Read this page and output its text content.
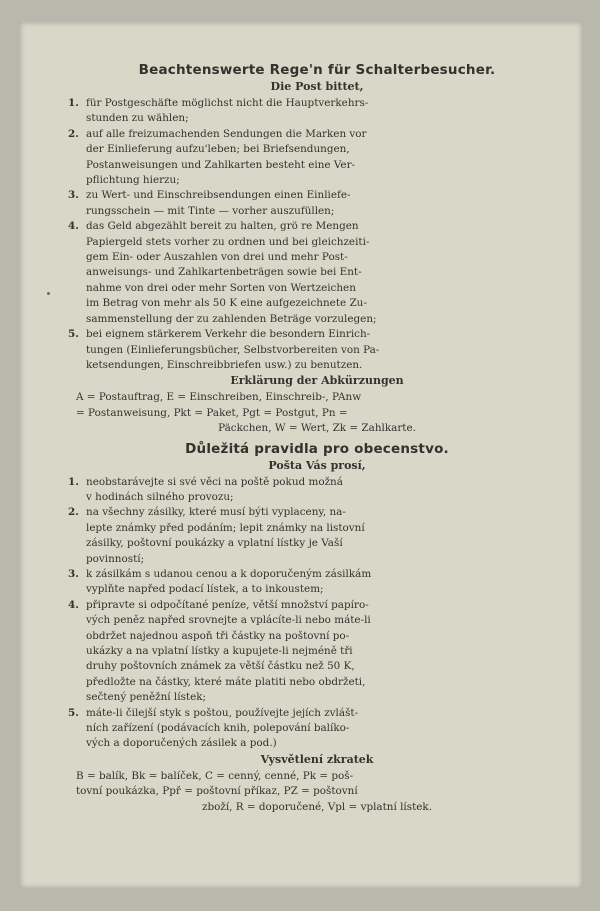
Beachtenswerte Rege'n für Schalterbesucher.
Die Post bittet,
1. für Postgeschäfte möglichst nicht die Hauptverkehrs-
stunden zu wählen;
2. auf alle freizumachenden Sendungen die Marken vor
der Einlieferung aufzu'leben; bei Briefsendungen,
Postanweisungen und Zahlkarten besteht eine Ver-
pflichtung hierzu;
3. zu Wert- und Einschreibsendungen einen Einliefe-
rungsschein — mit Tinte — vorher auszufüllen;
4. das Geld abgezählt bereit zu halten, grö re Mengen
Papiergeld stets vorher zu ordnen und bei gleichzeiti-
gem Ein- oder Auszahlen von drei und mehr Post-
anweisungs- und Zahlkartenbeträgen sowie bei Ent-
nahme von drei oder mehr Sorten von Wertzeichen
im Betrag von mehr als 50 K eine aufgezeichnete Zu-
sammenstellung der zu zahlenden Beträge vorzulegen;
5. bei eignem stärkerem Verkehr die besondern Einrich-
tungen (Einlieferungsbücher, Selbstvorbereiten von Pa-
ketsendungen, Einschreibbriefen usw.) zu benutzen.
Erklärung der Abkürzungen
A = Postauftrag, E = Einschreiben, Einschreib-, PAnw
= Postanweisung, Pkt = Paket, Pgt = Postgut, Pn =
Päckchen, W = Wert, Zk = Zahlkarte.
Důležitá pravidla pro obecenstvo.
Pošta Vás prosí,
1. neobstarávejte si své věci na poště pokud možná
v hodinách silného provozu;
2. na všechny zásilky, které musí býti vyplaceny, na-
lepte známky před podáním; lepit známky na listovní
zásilky, poštovní poukázky a vplatní lístky je Vaší
povinností;
3. k zásilkám s udanou cenou a k doporučeným zásilkám
vyplňte napřed podací lístek, a to inkoustem;
4. připravte si odpočítané peníze, větší množství papíro-
vých peněz napřed srovnejte a vplácíte-li nebo máte-li
obdržet najednou aspoň tři částky na poštovní po-
ukázky a na vplatní lístky a kupujete-li nejméně tři
druhy poštovních známek za větší částku než 50 K,
předložte na částky, které máte platiti nebo obdržeti,
sečtený peněžní lístek;
5. máte-li čilejší styk s poštou, používejte jejích zvlášt-
ních zařízení (podávacích knih, polepování balíko-
vých a doporučených zásilek a pod.)
Vysvětlení zkratek
B = balík, Bk = balíček, C = cenný, cenné, Pk = poš-
tovní poukázka, Ppř = poštovní příkaz, PZ = poštovní
zboží, R = doporučené, Vpl = vplatní lístek.
